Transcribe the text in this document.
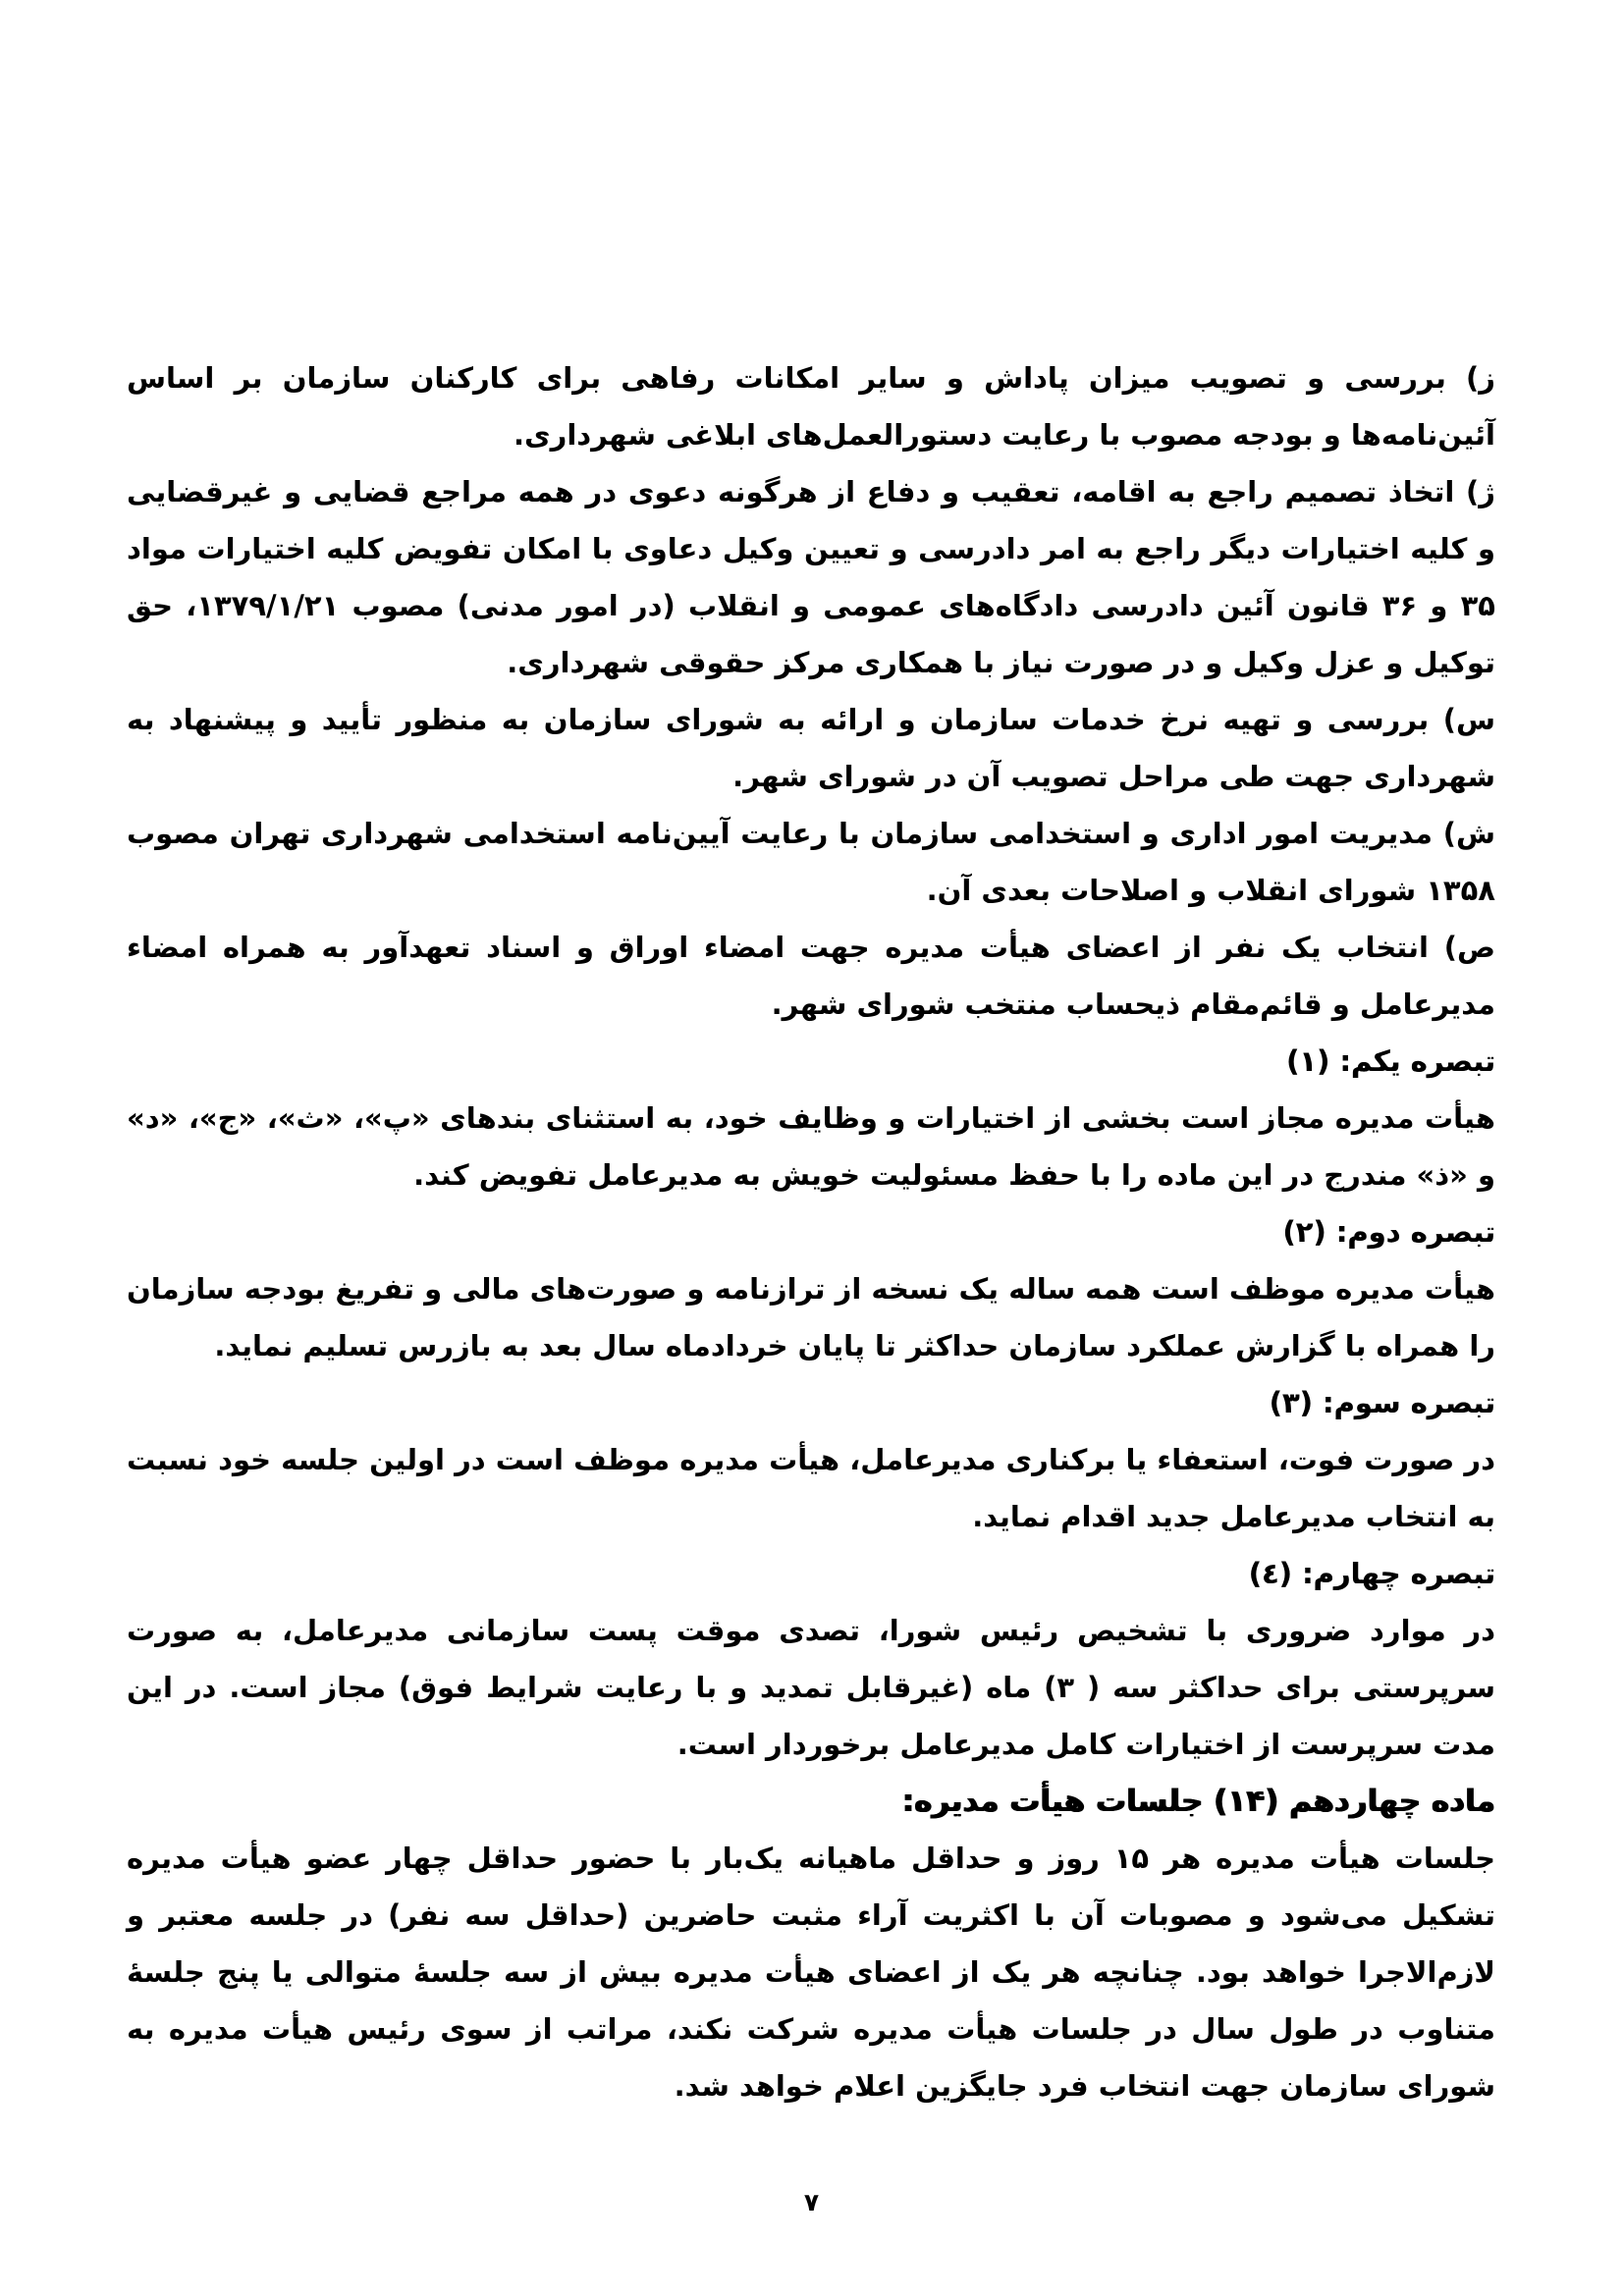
ز) بررسی و تصویب میزان پاداش و سایر امکانات رفاهی برای کارکنان سازمان بر اساس آئین‌نامه‌ها و بودجه مصوب با رعایت دستورالعمل‌های ابلاغی شهرداری.

ژ) اتخاذ تصمیم راجع به اقامه، تعقیب و دفاع از هرگونه دعوی در همه مراجع قضایی و غیرقضایی و کلیه اختیارات دیگر راجع به امر دادرسی و تعیین وکیل دعاوی با امکان تفویض کلیه اختیارات مواد ۳۵ و ۳۶ قانون آئین دادرسی دادگاه‌های عمومی و انقلاب (در امور مدنی) مصوب ۱۳۷۹/۱/۲۱، حق توکیل و عزل وکیل و در صورت نیاز با همکاری مرکز حقوقی شهرداری.

س) بررسی و تهیه نرخ خدمات سازمان و ارائه به شورای سازمان به منظور تأیید و پیشنهاد به شهرداری جهت طی مراحل تصویب آن در شورای شهر.

ش) مدیریت امور اداری و استخدامی سازمان با رعایت آیین‌نامه استخدامی شهرداری تهران مصوب ۱۳۵۸ شورای انقلاب و اصلاحات بعدی آن.

ص) انتخاب یک نفر از اعضای هیأت مدیره جهت امضاء اوراق و اسناد تعهدآور به همراه امضاء مدیرعامل و قائم‌مقام ذیحساب منتخب شورای شهر.

تبصره یکم: (۱)

هیأت مدیره مجاز است بخشی از اختیارات و وظایف خود، به استثنای بندهای «پ»، «ث»، «ج»، «د» و «ذ» مندرج در این ماده را با حفظ مسئولیت خویش به مدیرعامل تفویض کند.

تبصره دوم: (۲)

هیأت مدیره موظف است همه ساله یک نسخه از ترازنامه و صورت‌های مالی و تفریغ بودجه سازمان را همراه با گزارش عملکرد سازمان حداکثر تا پایان خردادماه سال بعد به بازرس تسلیم نماید.

تبصره سوم: (۳)

در صورت فوت، استعفاء یا برکناری مدیرعامل، هیأت مدیره موظف است در اولین جلسه خود نسبت به انتخاب مدیرعامل جدید اقدام نماید.

تبصره چهارم: (٤)

در موارد ضروری با تشخیص رئیس شورا، تصدی موقت پست سازمانی مدیرعامل، به صورت سرپرستی برای حداکثر سه ( ۳) ماه (غیرقابل تمدید و با رعایت شرایط فوق) مجاز است. در این مدت سرپرست از اختیارات کامل مدیرعامل برخوردار است.

ماده چهاردهم (۱۴) جلسات هیأت مدیره:

جلسات هیأت مدیره هر ۱۵ روز و حداقل ماهیانه یک‌بار با حضور حداقل چهار عضو هیأت مدیره تشکیل می‌شود و مصوبات آن با اکثریت آراء مثبت حاضرین (حداقل سه نفر) در جلسه معتبر و لازم‌الاجرا خواهد بود. چنانچه هر یک از اعضای هیأت مدیره بیش از سه جلسهٔ متوالی یا پنج جلسهٔ متناوب در طول سال در جلسات هیأت مدیره شرکت نکند، مراتب از سوی رئیس هیأت مدیره به شورای سازمان جهت انتخاب فرد جایگزین اعلام خواهد شد.

۷
